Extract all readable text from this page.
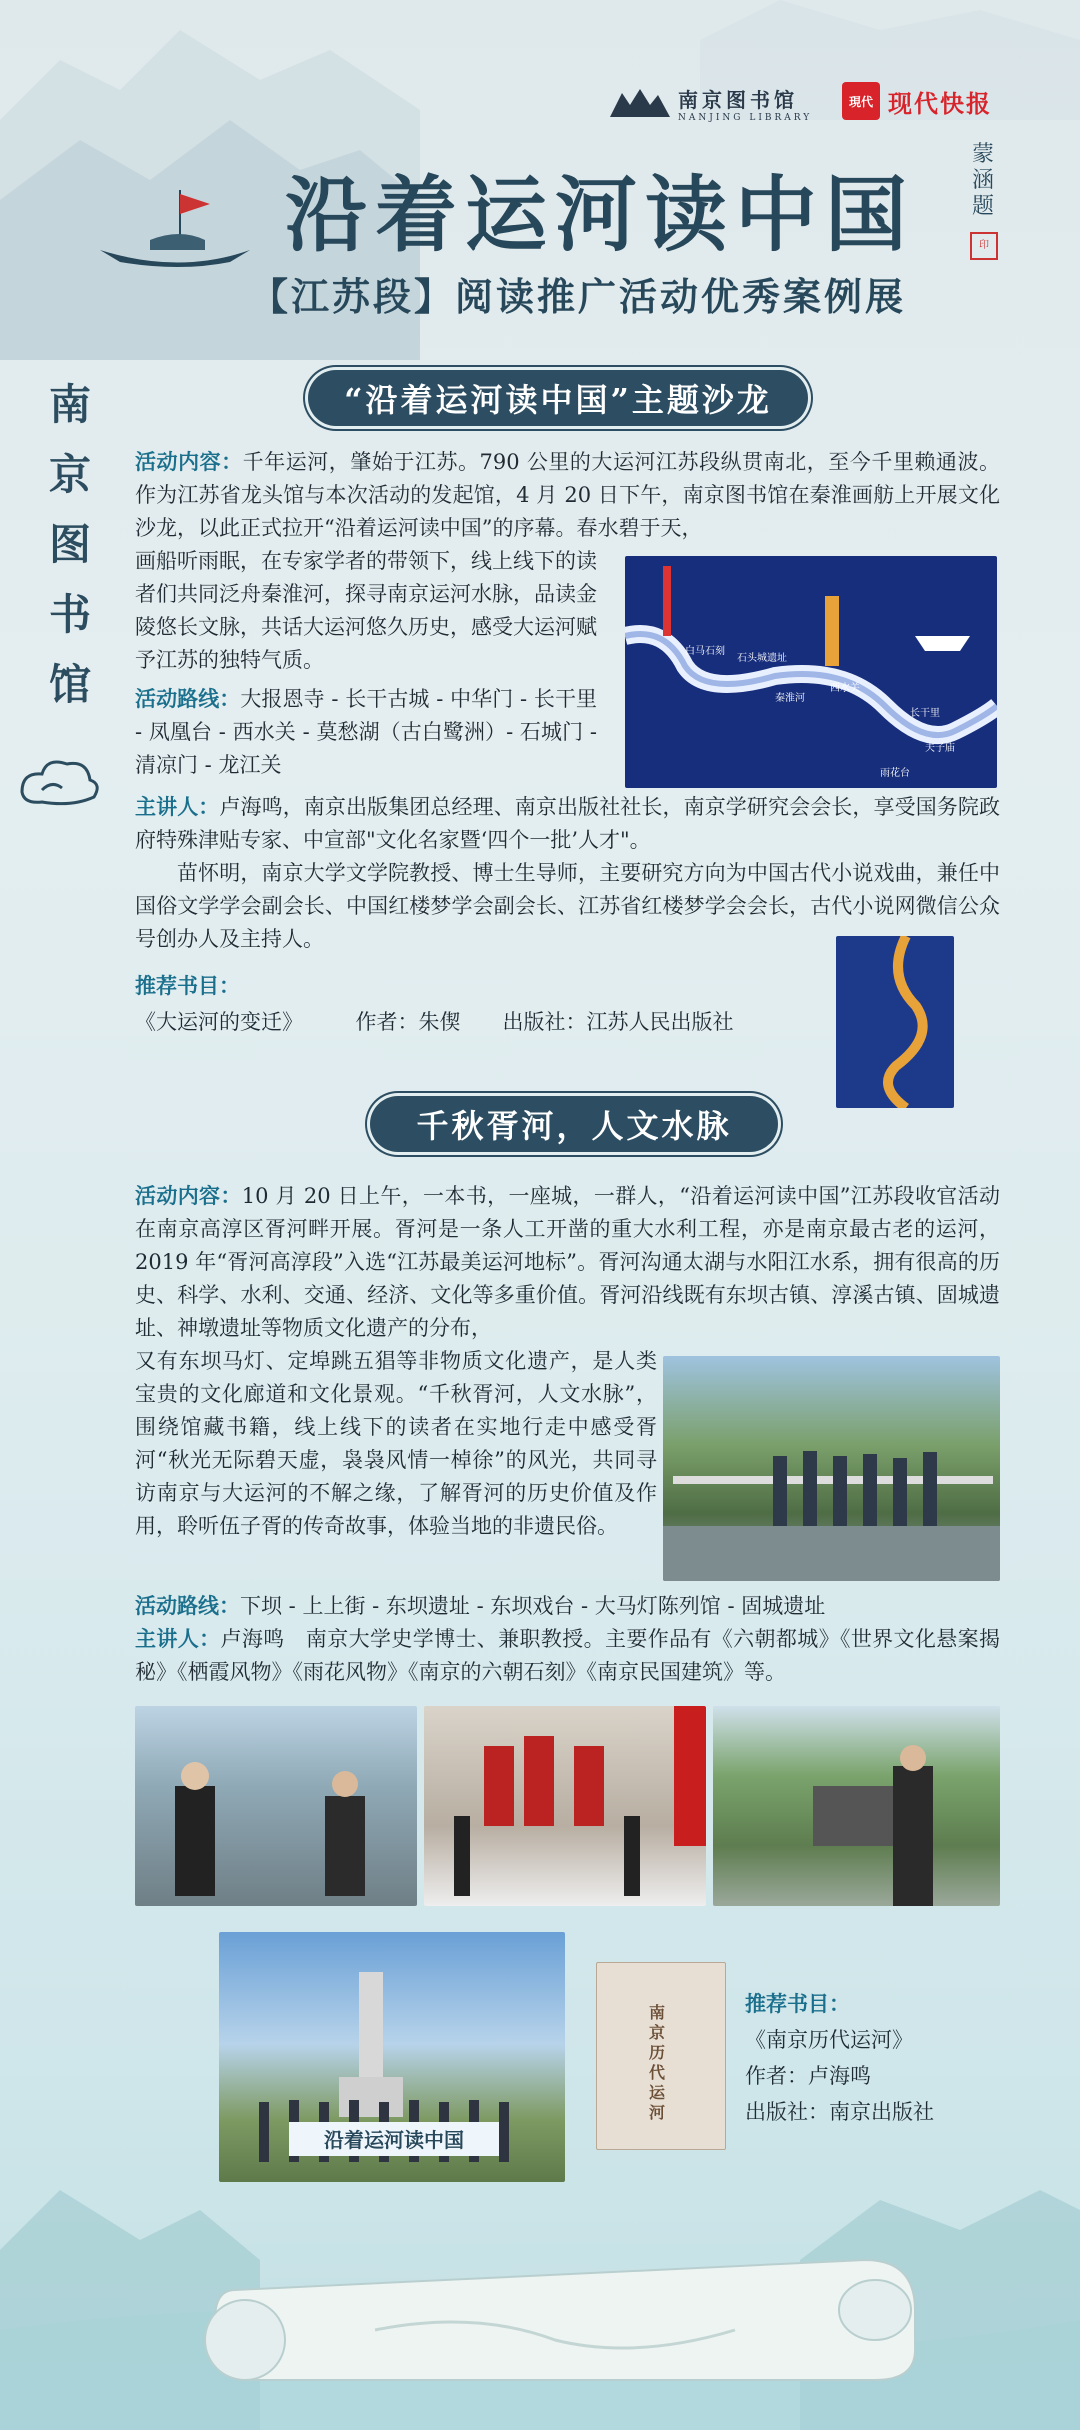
南京图书馆
NANJING LIBRARY
現代 现代快报
沿着运河读中国
蒙涵题
印
【江苏段】阅读推广活动优秀案例展
南京图书馆
“沿着运河读中国”主题沙龙
活动内容：千年运河，肇始于江苏。790 公里的大运河江苏段纵贯南北，至今千里赖通波。作为江苏省龙头馆与本次活动的发起馆，4 月 20 日下午，南京图书馆在秦淮画舫上开展文化沙龙，以此正式拉开“沿着运河读中国”的序幕。春水碧于天，
画船听雨眠，在专家学者的带领下，线上线下的读者们共同泛舟秦淮河，探寻南京运河水脉，品读金陵悠长文脉，共话大运河悠久历史，感受大运河赋予江苏的独特气质。	白马石刻
石头城遗址
秦淮河
西水关
长干里
夫子庙
雨花台
活动路线：大报恩寺 - 长干古城 - 中华门 - 长干里 - 凤凰台 - 西水关 - 莫愁湖（古白鹭洲）- 石城门 - 清凉门 - 龙江关
主讲人：卢海鸣，南京出版集团总经理、南京出版社社长，南京学研究会会长，享受国务院政府特殊津贴专家、中宣部"文化名家暨‘四个一批’人才"。
苗怀明，南京大学文学院教授、博士生导师，主要研究方向为中国古代小说戏曲，兼任中国俗文学学会副会长、中国红楼梦学会副会长、江苏省红楼梦学会会长，古代小说网微信公众号创办人及主持人。
推荐书目：
《大运河的变迁》　　　	作者：朱偰　　 出版社：江苏人民出版社
千秋胥河，人文水脉
活动内容：10 月 20 日上午，一本书，一座城，一群人，“沿着运河读中国”江苏段收官活动在南京高淳区胥河畔开展。胥河是一条人工开凿的重大水利工程，亦是南京最古老的运河，2019 年“胥河高淳段”入选“江苏最美运河地标”。胥河沟通太湖与水阳江水系，拥有很高的历史、科学、水利、交通、经济、文化等多重价值。胥河沿线既有东坝古镇、淳溪古镇、固城遗址、神墩遗址等物质文化遗产的分布，
又有东坝马灯、定埠跳五猖等非物质文化遗产，是人类宝贵的文化廊道和文化景观。“千秋胥河，人文水脉”，围绕馆藏书籍，线上线下的读者在实地行走中感受胥河“秋光无际碧天虚，袅袅风情一棹徐”的风光，共同寻访南京与大运河的不解之缘，了解胥河的历史价值及作用，聆听伍子胥的传奇故事，体验当地的非遗民俗。
活动路线：下坝 - 上上街 - 东坝遗址 - 东坝戏台 - 大马灯陈列馆 - 固城遗址
主讲人：卢海鸣　南京大学史学博士、兼职教授。主要作品有《六朝都城》《世界文化悬案揭秘》《栖霞风物》《雨花风物》《南京的六朝石刻》《南京民国建筑》等。
沿着运河读中国
南京历代运河
推荐书目：
《南京历代运河》
作者：卢海鸣
出版社：南京出版社
